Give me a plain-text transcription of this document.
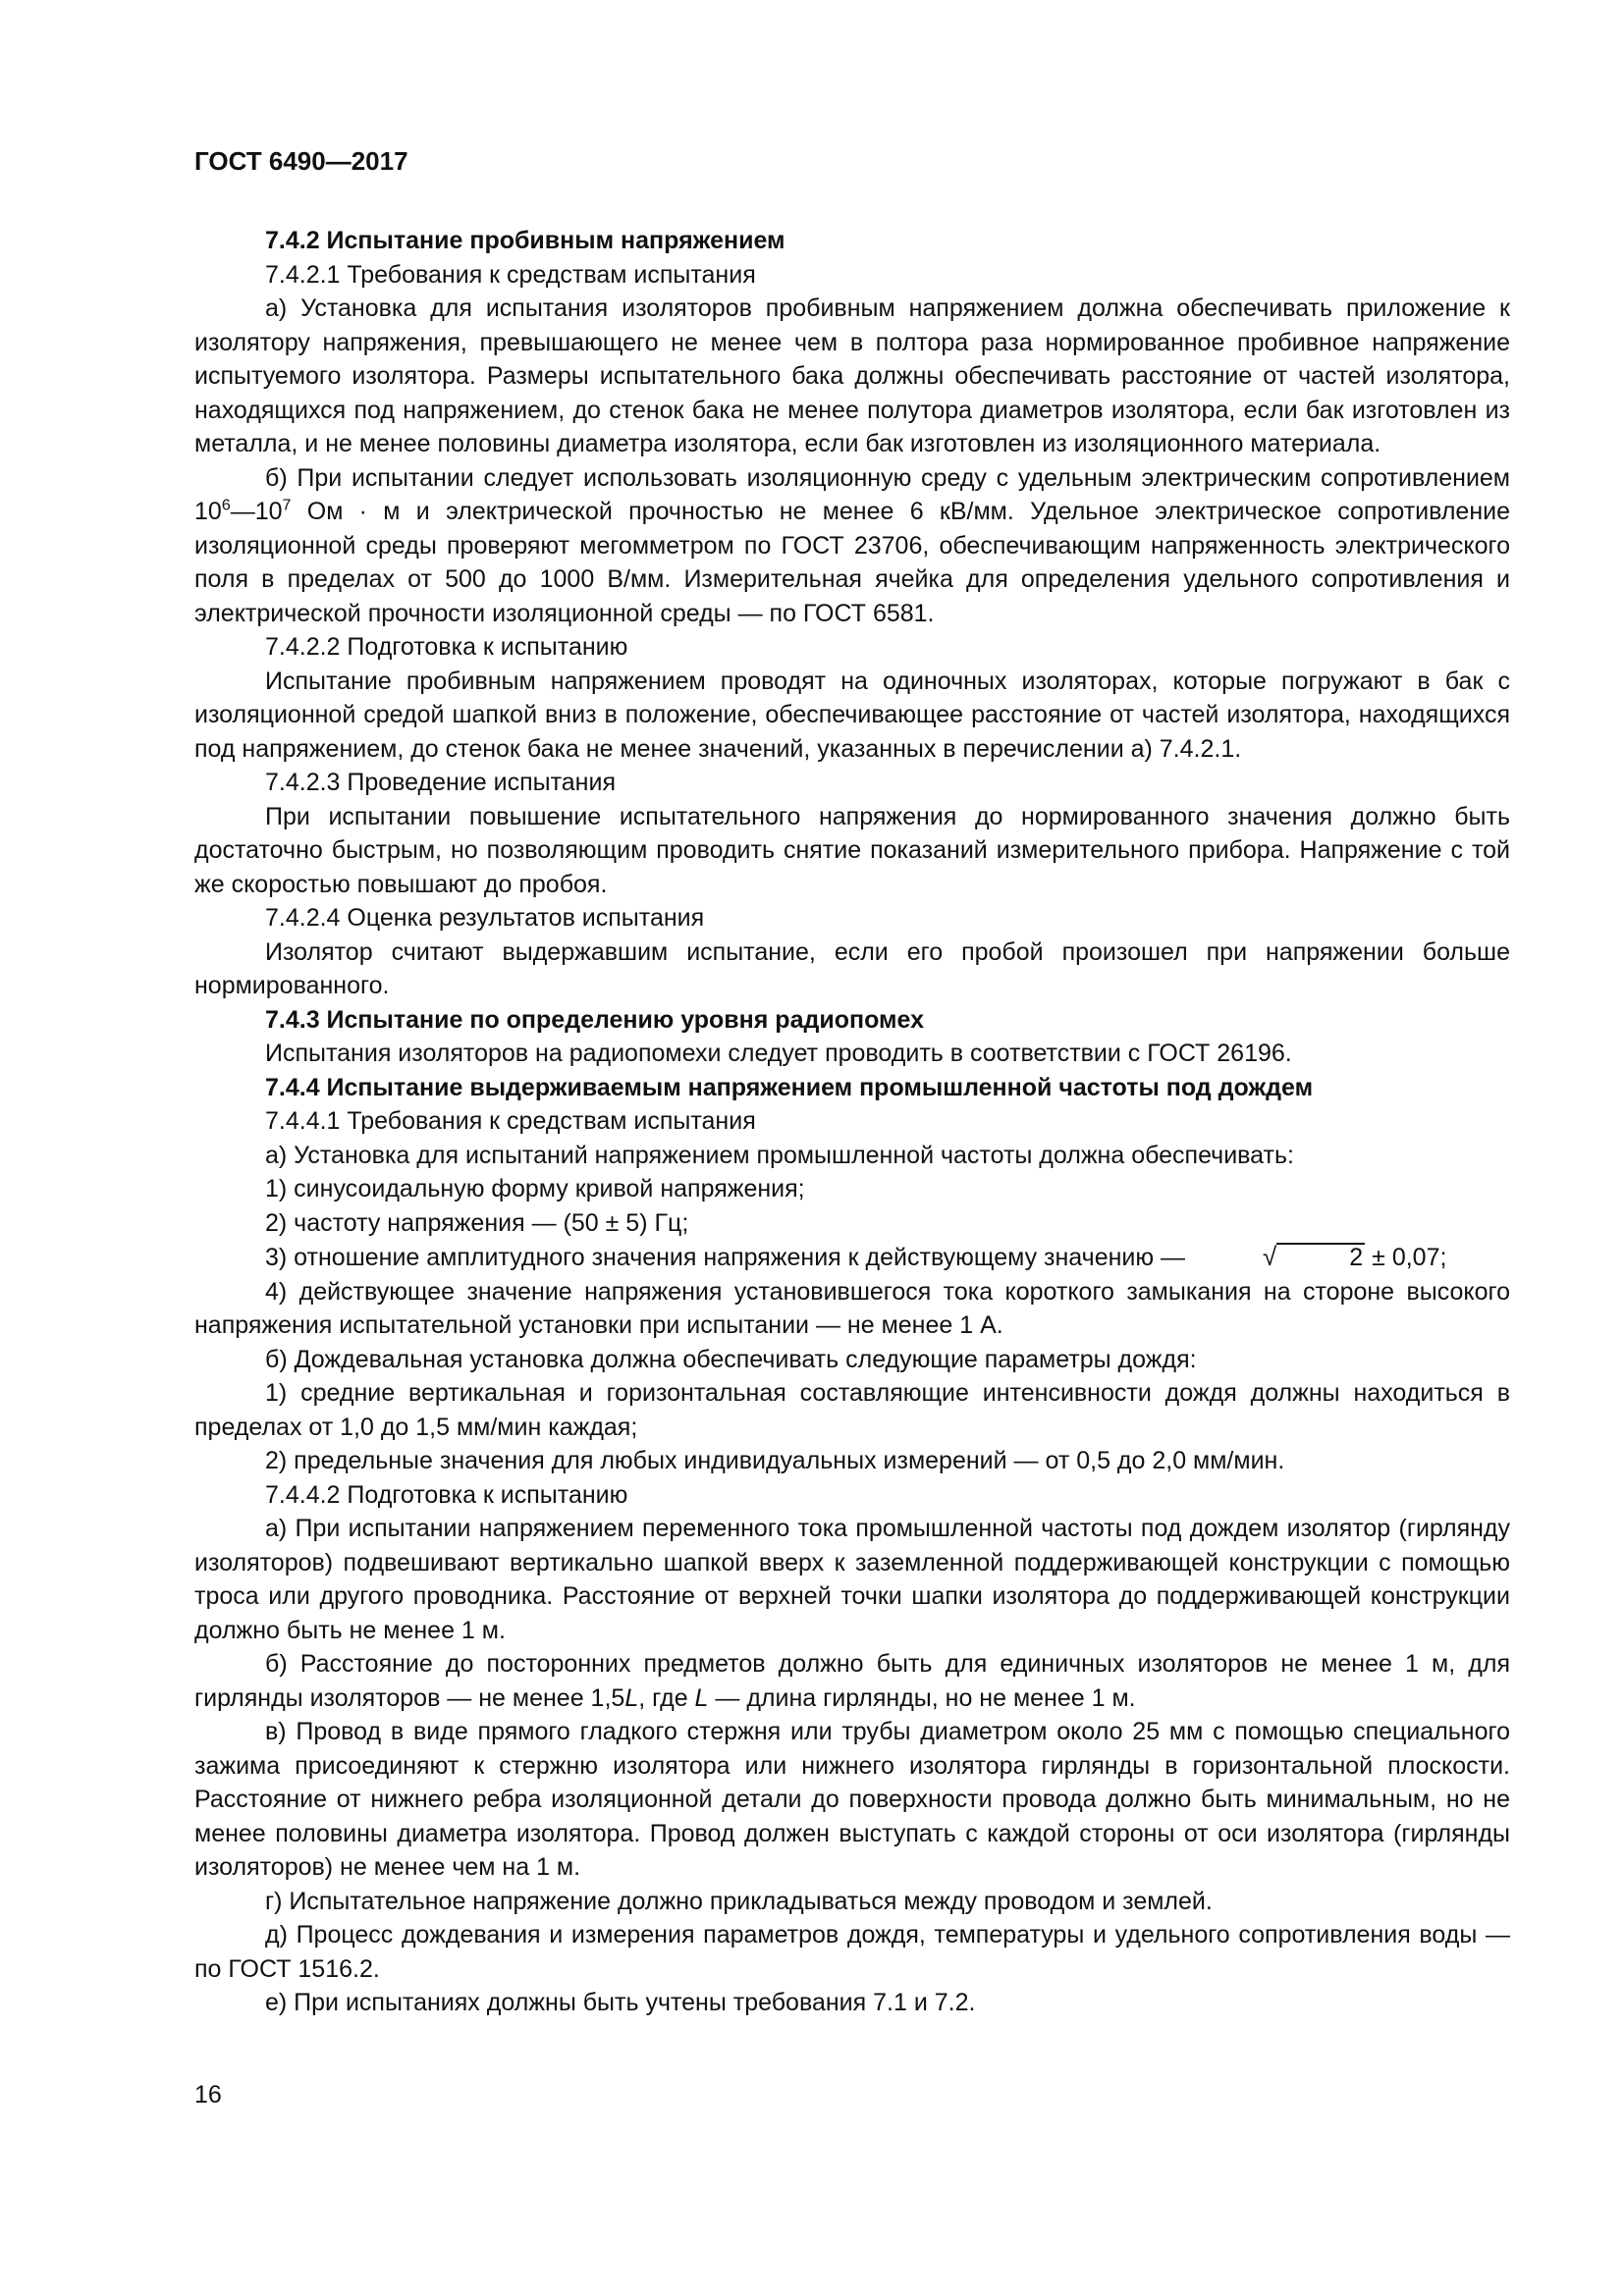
ГОСТ 6490—2017

7.4.2 Испытание пробивным напряжением

7.4.2.1 Требования к средствам испытания

а) Установка для испытания изоляторов пробивным напряжением должна обеспечивать приложение к изолятору напряжения, превышающего не менее чем в полтора раза нормированное пробивное напряжение испытуемого изолятора. Размеры испытательного бака должны обеспечивать расстояние от частей изолятора, находящихся под напряжением, до стенок бака не менее полутора диаметров изолятора, если бак изготовлен из металла, и не менее половины диаметра изолятора, если бак изготовлен из изоляционного материала.

б) При испытании следует использовать изоляционную среду с удельным электрическим сопротивлением $10^6—10^7$ Ом · м и электрической прочностью не менее 6 кВ/мм. Удельное электрическое сопротивление изоляционной среды проверяют мегомметром по ГОСТ 23706, обеспечивающим напряженность электрического поля в пределах от 500 до 1000 В/мм. Измерительная ячейка для определения удельного сопротивления и электрической прочности изоляционной среды — по ГОСТ 6581.

7.4.2.2 Подготовка к испытанию

Испытание пробивным напряжением проводят на одиночных изоляторах, которые погружают в бак с изоляционной средой шапкой вниз в положение, обеспечивающее расстояние от частей изолятора, находящихся под напряжением, до стенок бака не менее значений, указанных в перечислении а) 7.4.2.1.

7.4.2.3 Проведение испытания

При испытании повышение испытательного напряжения до нормированного значения должно быть достаточно быстрым, но позволяющим проводить снятие показаний измерительного прибора. Напряжение с той же скоростью повышают до пробоя.

7.4.2.4 Оценка результатов испытания

Изолятор считают выдержавшим испытание, если его пробой произошел при напряжении больше нормированного.

7.4.3 Испытание по определению уровня радиопомех

Испытания изоляторов на радиопомехи следует проводить в соответствии с ГОСТ 26196.

7.4.4 Испытание выдерживаемым напряжением промышленной частоты под дождем

7.4.4.1 Требования к средствам испытания

а) Установка для испытаний напряжением промышленной частоты должна обеспечивать:

1) синусоидальную форму кривой напряжения;

2) частоту напряжения — (50 ± 5) Гц;

3) отношение амплитудного значения напряжения к действующему значению —	√	2 ± 0,07;

4) действующее значение напряжения установившегося тока короткого замыкания на стороне высокого напряжения испытательной установки при испытании — не менее 1 А.

б) Дождевальная установка должна обеспечивать следующие параметры дождя:

1) средние вертикальная и горизонтальная составляющие интенсивности дождя должны находиться в пределах от 1,0 до 1,5 мм/мин каждая;

2) предельные значения для любых индивидуальных измерений — от 0,5 до 2,0 мм/мин.

7.4.4.2 Подготовка к испытанию

а) При испытании напряжением переменного тока промышленной частоты под дождем изолятор (гирлянду изоляторов) подвешивают вертикально шапкой вверх к заземленной поддерживающей конструкции с помощью троса или другого проводника. Расстояние от верхней точки шапки изолятора до поддерживающей конструкции должно быть не менее 1 м.

б) Расстояние до посторонних предметов должно быть для единичных изоляторов не менее 1 м, для гирлянды изоляторов — не менее 1,5L, где L — длина гирлянды, но не менее 1 м.

в) Провод в виде прямого гладкого стержня или трубы диаметром около 25 мм с помощью специального зажима присоединяют к стержню изолятора или нижнего изолятора гирлянды в горизонтальной плоскости. Расстояние от нижнего ребра изоляционной детали до поверхности провода должно быть минимальным, но не менее половины диаметра изолятора. Провод должен выступать с каждой стороны от оси изолятора (гирлянды изоляторов) не менее чем на 1 м.

г) Испытательное напряжение должно прикладываться между проводом и землей.

д) Процесс дождевания и измерения параметров дождя, температуры и удельного сопротивления воды — по ГОСТ 1516.2.

е) При испытаниях должны быть учтены требования 7.1 и 7.2.

16
